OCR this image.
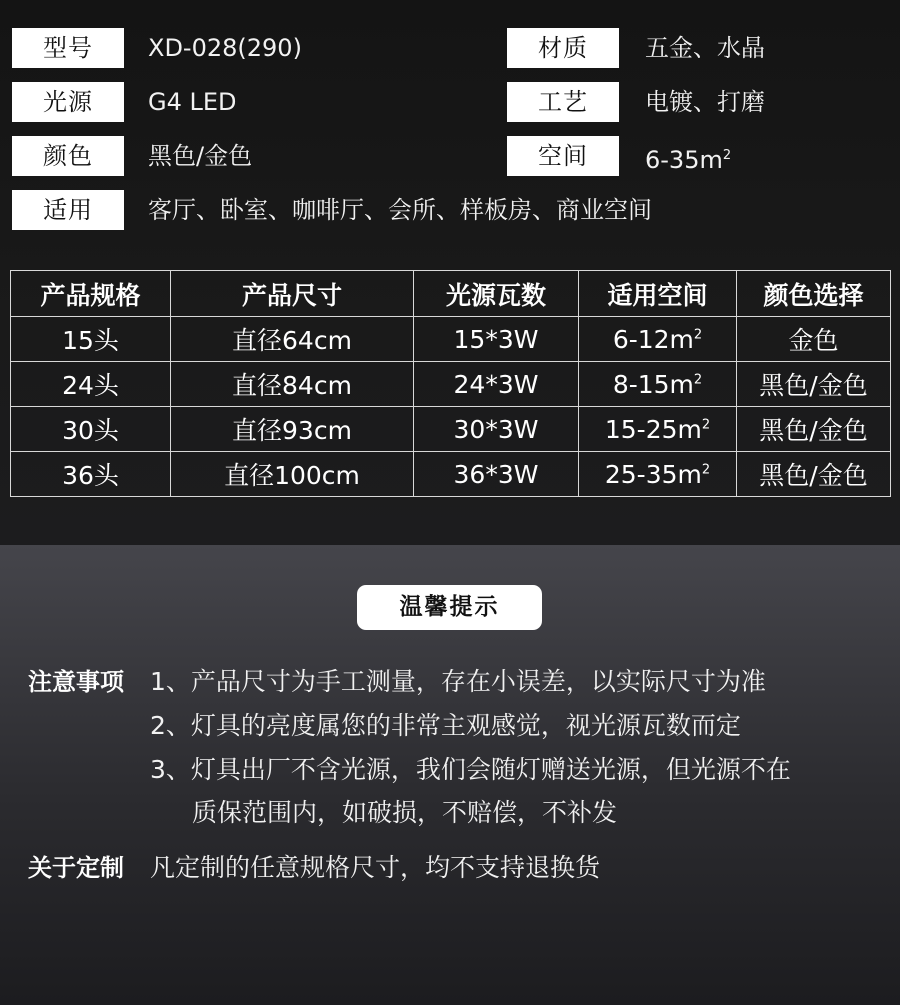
型号	XD-028(290)	材质	五金、水晶
光源	G4 LED	工艺	电镀、打磨
颜色	黑色/金色	空间	$6-35m^2$
适用	客厅、卧室、咖啡厅、会所、样板房、商业空间
产品规格	产品尺寸	光源瓦数	适用空间	颜色选择
15头	直径64cm	15*3W	$6-12m^2$	金色
24头	直径84cm	24*3W	$8-15m^2$	黑色/金色
30头	直径93cm	30*3W	$15-25m^2$	黑色/金色
36头	直径100cm	36*3W	$25-35m^2$	黑色/金色
温馨提示
注意事项 1、产品尺寸为手工测量，存在小误差，以实际尺寸为准
2、灯具的亮度属您的非常主观感觉，视光源瓦数而定
3、灯具出厂不含光源，我们会随灯赠送光源，但光源不在
质保范围内，如破损，不赔偿，不补发
关于定制 凡定制的任意规格尺寸，均不支持退换货
